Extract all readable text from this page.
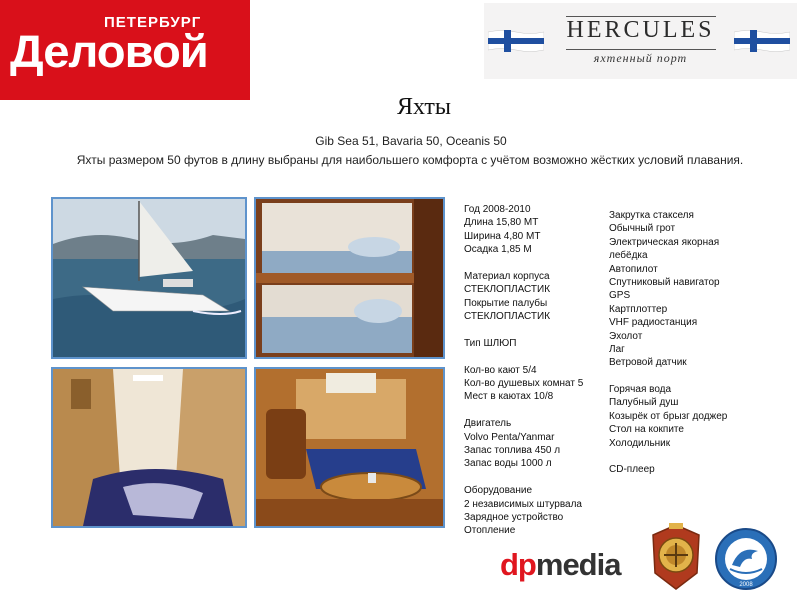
ПЕТЕРБУРГ
Деловой	HERCULES
яхтенный порт
Яхты
Gib Sea 51, Bavaria 50, Oceanis 50
Яхты размером 50 футов в длину выбраны для наибольшего комфорта с учётом возможно жёстких условий плавания.
Год 2008-2010
Длина 15,80 МТ
Ширина 4,80 МТ
Осадка 1,85 М
Материал корпуса
СТЕКЛОПЛАСТИК
Покрытие палубы
СТЕКЛОПЛАСТИК
Тип ШЛЮП
Кол-во кают 5/4
Кол-во душевых комнат 5
Мест в каютах 10/8
Двигатель
Volvo Penta/Yanmar
Запас топлива 450 л
Запас воды 1000 л
Оборудование
2 независимых штурвала
Зарядное устройство
Отопление
Закрутка стакселя
Обычный грот
Электрическая якорная
лебёдка
Автопилот
Спутниковый навигатор
GPS
Картплоттер
VHF радиостанция
Эхолот
Лаг
Ветровой датчик
Горячая вода
Палубный душ
Козырёк от брызг доджер
Стол на кокпите
Холодильник
CD-плеер
dpmedia
2008
